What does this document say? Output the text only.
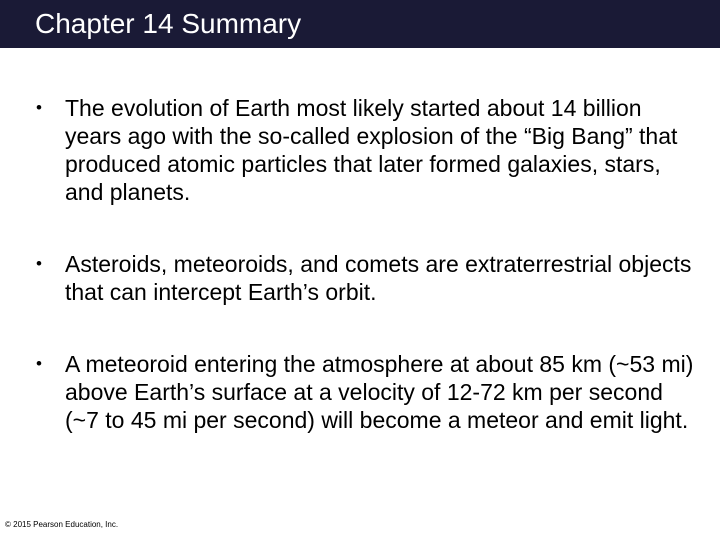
Chapter 14 Summary
• The evolution of Earth most likely started about 14 billion years ago with the so-called explosion of the “Big Bang” that produced atomic particles that later formed galaxies, stars, and planets.
• Asteroids, meteoroids, and comets are extraterrestrial objects that can intercept Earth’s orbit.
• A meteoroid entering the atmosphere at about 85 km (~53 mi) above Earth’s surface at a velocity of 12-72 km per second (~7 to 45 mi per second) will become a meteor and emit light.
© 2015 Pearson Education, Inc.
